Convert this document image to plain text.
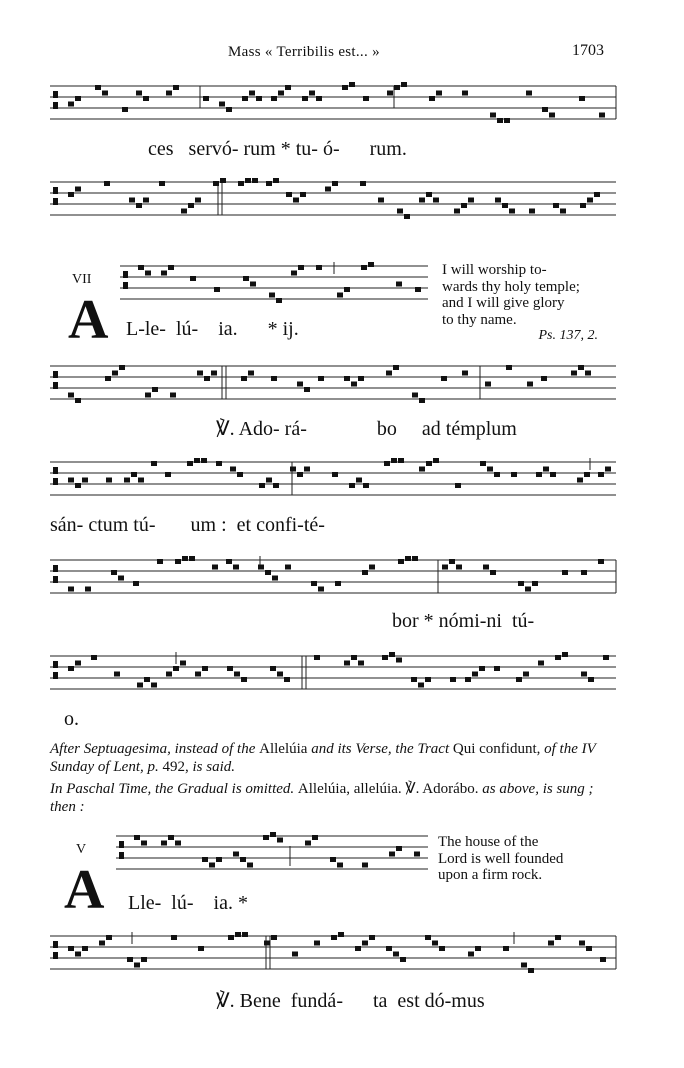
Mass « Terribilis est... »	1703
ces   servó- rum * tu- ó-      rum.
VII
A L-le-  lú-    ia.      * ij.
I will worship to-
wards thy holy temple;
and I will give glory
to thy name.
Ps. 137, 2.
℣. Ado- rá-              bo     ad témplum
sán- ctum tú-       um :  et confi-té-
bor * nómi-ni  tú-
o.
After Septuagesima, instead of the Allelúia and its Verse, the Tract Qui confidunt, of the IV Sunday of Lent, p. 492, is said.
In Paschal Time, the Gradual is omitted. Allelúia, allelúia. ℣. Adorábo. as above, is sung ; then :
V
A Lle-  lú-    ia. *
The house of the
Lord is well founded
upon a firm rock.
℣. Bene  fundá-      ta  est dó-mus
